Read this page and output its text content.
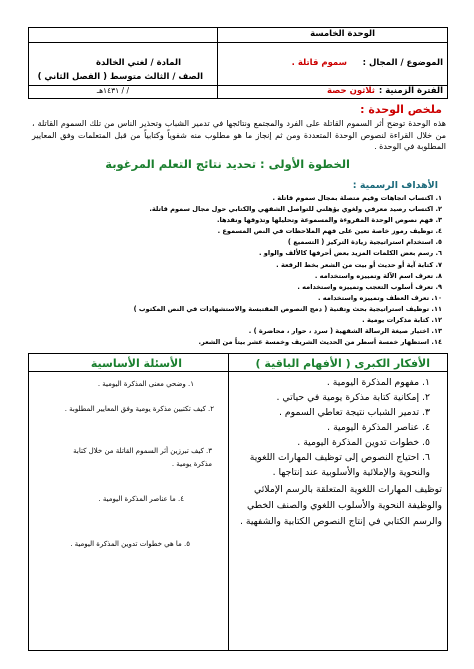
الوحدة الخامسة
المادة / لغتي الخالدة	الموضوع / المجال :
سموم قاتلة .
الصف / الثالث متوسط ( الفصل الثاني )
الفترة الزمنية :
ثلاثون حصة
/ / ١٤٣١هـ
ملخص الوحدة :
هذه الوحدة توضح أثر السموم القاتلة على الفرد والمجتمع ونتائجها في تدمير الشباب وتحذير الناس من تلك السموم القاتلة ، من خلال القراءة لنصوص الوحدة المتعددة ومن ثم إنجاز ما هو مطلوب منه شفوياً وكتابياً من قبل المتعلمات وفق المعايير المطلوبة في الوحدة .
الخطوة الأولى : تحديد نتائج التعلم المرغوبة
الأهداف الرسمية :
١. اكتساب اتجاهات وقيم متصلة بمجال سموم قاتلة .
٢. اكتساب رصيد معرفي ولغوي يؤهلني للتواصل الشفهي والكتابي حول مجال سموم قاتلة.
٣. فهم نصوص الوحدة المقروءة والمسموعة وتحليلها وتذوقها ونقدها.
٤. توظيف رموز خاصة تعين على فهم الملاحظات في النص المسموع .
٥. استخدام استراتيجية زيادة التركيز ( التسميع )
٦. رسم بعض الكلمات المزيد بعض أحرفها كالألف والواو .
٧. كتابة آية أو حديث أو بيت من الشعر بخط الرقعة .
٨. تعرف اسم الآلة وتمييزه واستخدامه .
٩. تعرف أسلوب التعجب وتمييزه واستخدامه .
١٠. تعرف العطف وتمييزه واستخدامه .
١١. توظيف استراتيجية بحث وتقنية ( دمج النصوص المقتبسة والاستشهادات في النص المكتوب )
١٢. كتابة مذكرات يومية .
١٣. اختيار صيغة الرسالة الشفهية ( سرد ، حوار ، محاضرة ) .
١٤. استظهار خمسة أسطر من الحديث الشريف وخمسة عشر بيتاً من الشعر.
الأفكار الكبرى ( الأفهام الباقية )
الأسئلة الأساسية
١. مفهوم المذكرة اليومية .
٢. إمكانية كتابة مذكرة يومية في حياتي .
٣. تدمير الشباب نتيجة تعاطي السموم .
٤. عناصر المذكرة اليومية .
٥. خطوات تدوين المذكرة اليومية .
٦. احتياج النصوص إلى توظيف المهارات اللغوية
والنحوية والإملائية والأسلوبية عند إنتاجها .
توظيف المهارات اللغوية المتعلقة بالرسم الإملائي
والوظيفة النحوية والأسلوب اللغوي والصنف الخطي
والرسم الكتابي في إنتاج النصوص الكتابية والشفهية .
١. وضحي معنى المذكرة اليومية .
٢. كيف تكتبين مذكرة يومية وفق المعايير المطلوبة .
٣. كيف تبرزين أثر السموم القاتلة من خلال كتابة
مذكرة يومية .
٤. ما عناصر المذكرة اليومية .
٥. ما هي خطوات تدوين المذكرة اليومية .
